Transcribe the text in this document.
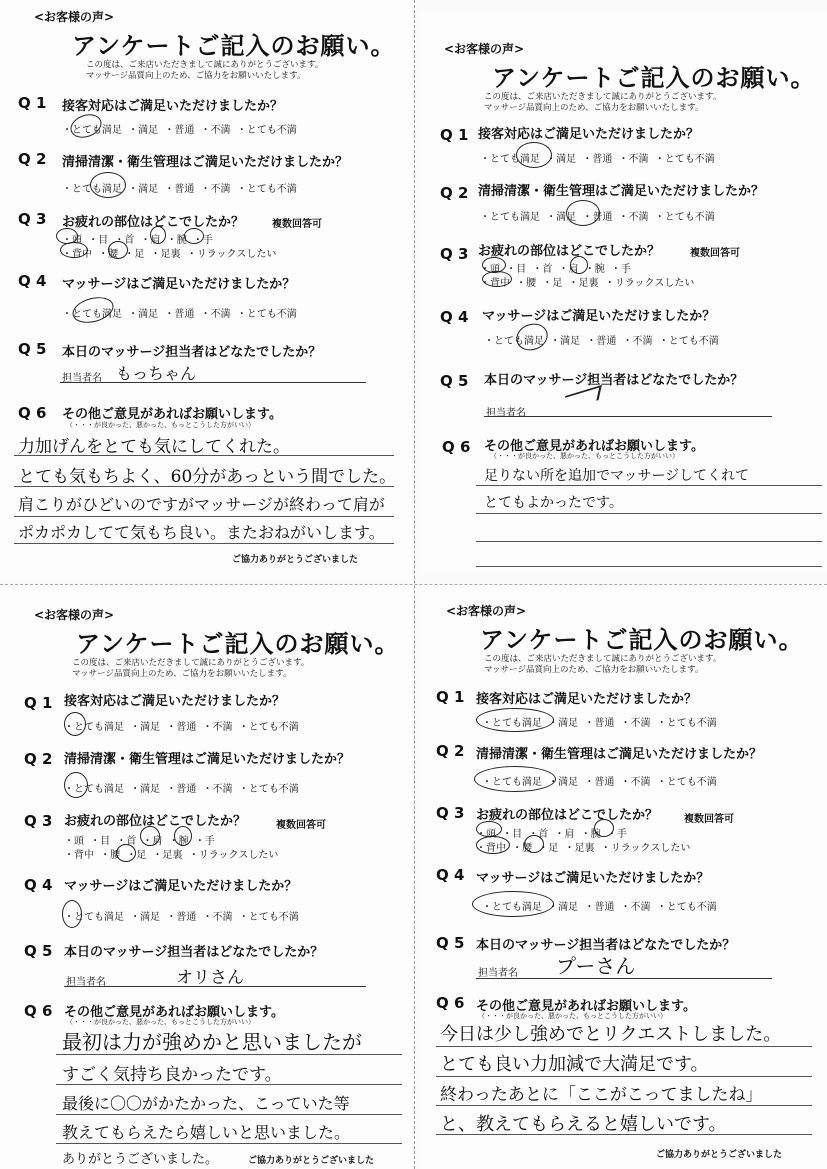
<お客様の声>
アンケートご記入のお願い。
この度は、ご来店いただきまして誠にありがとうございます。
マッサージ品質向上のため、ご協力をお願いいたします。
Q 1 接客対応はご満足いただけましたか？
・とても満足 ・満足 ・普通 ・不満 ・とても不満
Q 2 清掃清潔・衛生管理はご満足いただけましたか？
・とても満足 ・満足 ・普通 ・不満 ・とても不満
Q 3 お疲れの部位はどこでしたか？	複数回答可
・頭 ・目 ・首 ・肩 ・腕 ・手
・背中 ・腰 ・足 ・足裏 ・リラックスしたい
Q 4 マッサージはご満足いただけましたか？
・とても満足 ・満足 ・普通 ・不満 ・とても不満
Q 5 本日のマッサージ担当者はどなたでしたか？
担当者名 もっちゃん
Q 6 その他ご意見があればお願いします。
（・・・が良かった、悪かった、もっとこうした方がいい）
力加げんをとても気にしてくれた。
とても気もちよく、60分があっという間でした。
肩こりがひどいのですがマッサージが終わって肩が
ポカポカしてて気もち良い。またおねがいします。
ご協力ありがとうございました
<お客様の声>
アンケートご記入のお願い。
この度は、ご来店いただきまして誠にありがとうございます。
マッサージ品質向上のため、ご協力をお願いいたします。
Q 1 接客対応はご満足いただけましたか？
・とても満足 ・満足 ・普通 ・不満 ・とても不満
Q 2 清掃清潔・衛生管理はご満足いただけましたか？
・とても満足 ・満足 ・普通 ・不満 ・とても不満
Q 3 お疲れの部位はどこでしたか？	複数回答可
・頭 ・目 ・首 ・肩 ・腕 ・手
・背中 ・腰 ・足 ・足裏 ・リラックスしたい
Q 4 マッサージはご満足いただけましたか？
・とても満足 ・満足 ・普通 ・不満 ・とても不満
Q 5 本日のマッサージ担当者はどなたでしたか？
担当者名
Q 6 その他ご意見があればお願いします。
（・・・が良かった、悪かった、もっとこうした方がいい）
足りない所を追加でマッサージしてくれて
とてもよかったです。
<お客様の声>
アンケートご記入のお願い。
この度は、ご来店いただきまして誠にありがとうございます。
マッサージ品質向上のため、ご協力をお願いいたします。
Q 1 接客対応はご満足いただけましたか？
・とても満足 ・満足 ・普通 ・不満 ・とても不満
Q 2 清掃清潔・衛生管理はご満足いただけましたか？
・とても満足 ・満足 ・普通 ・不満 ・とても不満
Q 3 お疲れの部位はどこでしたか？	複数回答可
・頭 ・目 ・首 ・肩 ・腕 ・手
・背中 ・腰 ・足 ・足裏 ・リラックスしたい
Q 4 マッサージはご満足いただけましたか？
・とても満足 ・満足 ・普通 ・不満 ・とても不満
Q 5 本日のマッサージ担当者はどなたでしたか？
担当者名	オリさん
Q 6 その他ご意見があればお願いします。
（・・・が良かった、悪かった、もっとこうした方がいい）
最初は力が強めかと思いましたが
すごく気持ち良かったです。
最後に〇〇がかたかった、こっていた等
教えてもらえたら嬉しいと思いました。
ありがとうございました。	ご協力ありがとうございました
<お客様の声>
アンケートご記入のお願い。
この度は、ご来店いただきまして誠にありがとうございます。
マッサージ品質向上のため、ご協力をお願いいたします。
Q 1 接客対応はご満足いただけましたか？
・とても満足 ・満足 ・普通 ・不満 ・とても不満
Q 2 清掃清潔・衛生管理はご満足いただけましたか？
・とても満足 ・満足 ・普通 ・不満 ・とても不満
Q 3 お疲れの部位はどこでしたか？	複数回答可
・頭 ・目 ・首 ・肩 ・腕 ・手
・背中 ・腰 ・足 ・足裏 ・リラックスしたい
Q 4 マッサージはご満足いただけましたか？
・とても満足 ・満足 ・普通 ・不満 ・とても不満
Q 5 本日のマッサージ担当者はどなたでしたか？
担当者名 プーさん
Q 6 その他ご意見があればお願いします。
（・・・が良かった、悪かった、もっとこうした方がいい）
今日は少し強めでとリクエストしました。
とても良い力加減で大満足です。
終わったあとに「ここがこってましたね」
と、教えてもらえると嬉しいです。
ご協力ありがとうございました
